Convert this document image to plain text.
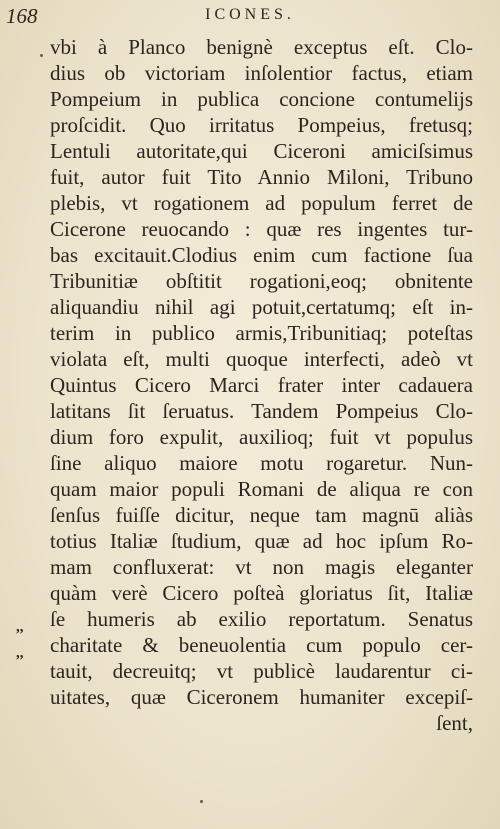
168	ICONES.
,,
,,
vbi à Planco benignè exceptus eſt. Clo-
dius ob victoriam inſolentior factus, etiam
Pompeium in publica concione contumelijs
proſcidit. Quo irritatus Pompeius, fretusq;
Lentuli autoritate,qui Ciceroni amiciſsimus
fuit, autor fuit Tito Annio Miloni, Tribuno
plebis, vt rogationem ad populum ferret de
Cicerone reuocando : quæ res ingentes tur-
bas excitauit.Clodius enim cum factione ſua
Tribunitiæ obſtitit rogationi,eoq; obnitente
aliquandiu nihil agi potuit,certatumq; eſt in-
terim in publico armis,Tribunitiaq; poteſtas
violata eſt, multi quoque interfecti, adeò vt
Quintus Cicero Marci frater inter cadauera
latitans ſit ſeruatus. Tandem Pompeius Clo-
dium foro expulit, auxilioq; fuit vt populus
ſine aliquo maiore motu rogaretur. Nun-
quam maior populi Romani de aliqua re con
ſenſus fuiſſe dicitur, neque tam magnū aliàs
totius Italiæ ſtudium, quæ ad hoc ipſum Ro-
mam confluxerat: vt non magis eleganter
quàm verè Cicero poſteà gloriatus ſit, Italiæ
ſe humeris ab exilio reportatum. Senatus
charitate & beneuolentia cum populo cer-
tauit, decreuitq; vt publicè laudarentur ci-
uitates, quæ Ciceronem humaniter excepiſ-
ſent,
